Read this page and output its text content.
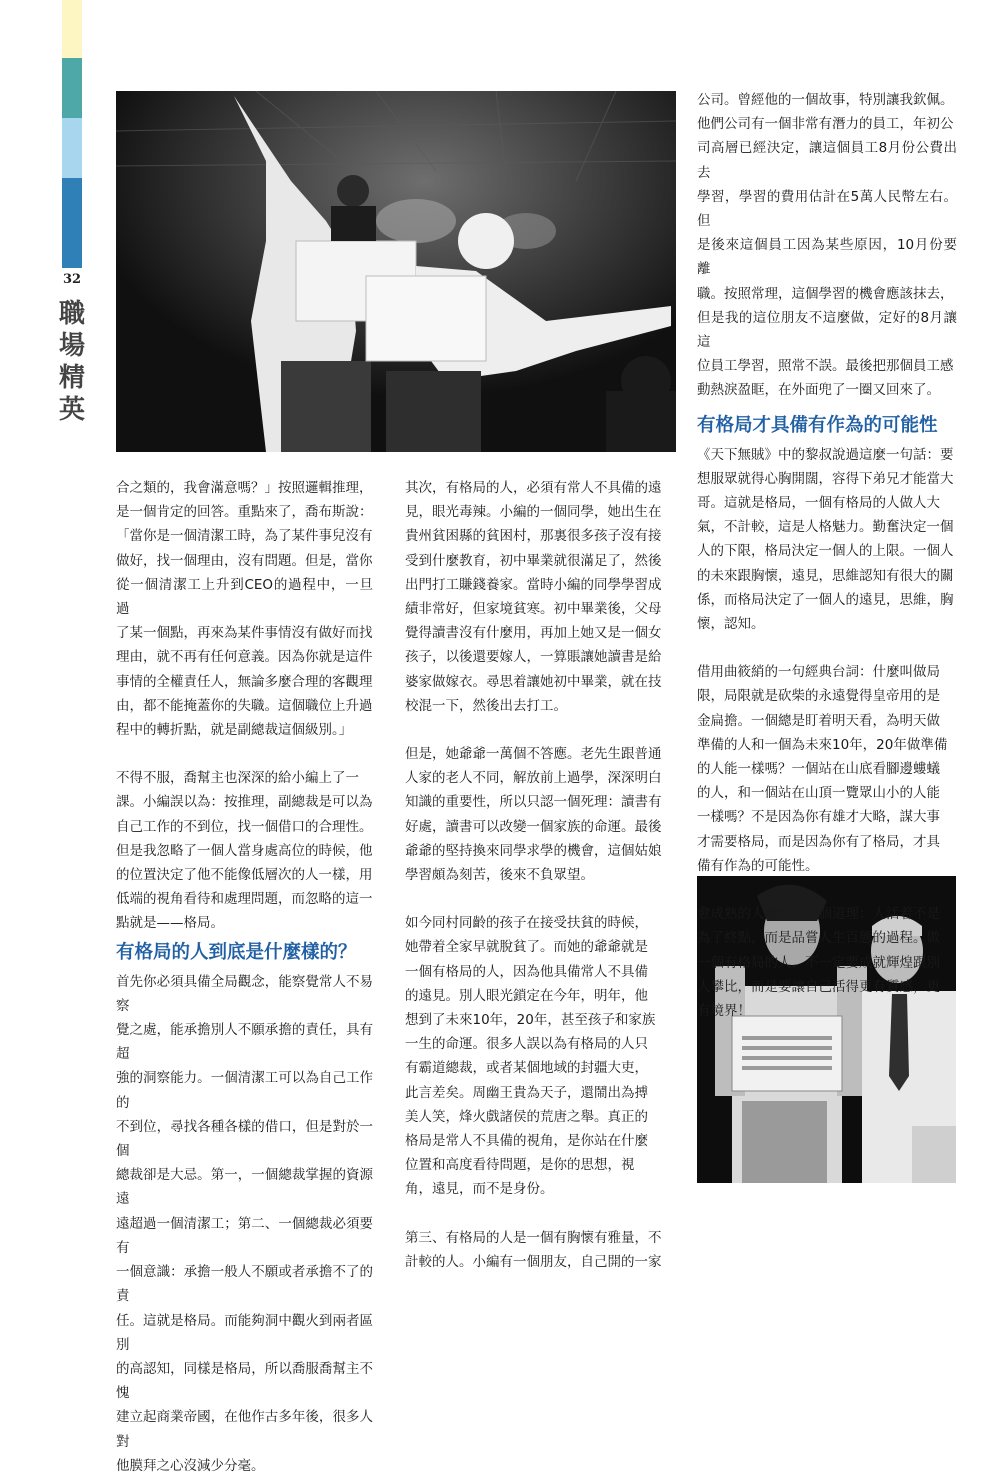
32
職場精英

合之類的，我會滿意嗎？」按照邏輯推理，
是一個肯定的回答。重點來了，喬布斯說：
「當你是一個清潔工時，為了某件事兒沒有
做好，找一個理由，沒有問題。但是，當你
從一個清潔工上升到CEO的過程中，一旦過
了某一個點，再來為某件事情沒有做好而找
理由，就不再有任何意義。因為你就是這件
事情的全權責任人，無論多麼合理的客觀理
由，都不能掩蓋你的失職。這個職位上升過
程中的轉折點，就是副總裁這個級別。」

不得不服，喬幫主也深深的給小編上了一
課。小編誤以為：按推理，副總裁是可以為
自己工作的不到位，找一個借口的合理性。
但是我忽略了一個人當身處高位的時候，他
的位置決定了他不能像低層次的人一樣，用
低端的視角看待和處理問題，而忽略的這一
點就是——格局。

有格局的人到底是什麼樣的？

首先你必須具備全局觀念，能察覺常人不易察
覺之處，能承擔別人不願承擔的責任，具有超
強的洞察能力。一個清潔工可以為自己工作的
不到位，尋找各種各樣的借口，但是對於一個
總裁卻是大忌。第一，一個總裁掌握的資源遠
遠超過一個清潔工；第二、一個總裁必須要有
一個意識：承擔一般人不願或者承擔不了的責
任。這就是格局。而能夠洞中觀火到兩者區別
的高認知，同樣是格局，所以喬服喬幫主不愧
建立起商業帝國，在他作古多年後，很多人對
他膜拜之心沒減少分毫。

其次，有格局的人，必須有常人不具備的遠
見，眼光毒辣。小編的一個同學，她出生在
貴州貧困縣的貧困村，那裏很多孩子沒有接
受到什麼教育，初中畢業就很滿足了，然後
出門打工賺錢養家。當時小編的同學學習成
績非常好，但家境貧寒。初中畢業後，父母
覺得讀書沒有什麼用，再加上她又是一個女
孩子，以後還要嫁人，一算賬讓她讀書是給
婆家做嫁衣。尋思着讓她初中畢業，就在技
校混一下，然後出去打工。

但是，她爺爺一萬個不答應。老先生跟普通
人家的老人不同，解放前上過學，深深明白
知識的重要性，所以只認一個死理：讀書有
好處，讀書可以改變一個家族的命運。最後
爺爺的堅持換來同學求學的機會，這個姑娘
學習頗為刻苦，後來不負眾望。

如今同村同齡的孩子在接受扶貧的時候，
她帶着全家早就脫貧了。而她的爺爺就是
一個有格局的人，因為他具備常人不具備
的遠見。別人眼光鎖定在今年，明年，他
想到了未來10年，20年，甚至孩子和家族
一生的命運。很多人誤以為有格局的人只
有霸道總裁，或者某個地域的封疆大吏，
此言差矣。周幽王貴為天子，還鬧出為搏
美人笑，烽火戲諸侯的荒唐之舉。真正的
格局是常人不具備的視角，是你站在什麼
位置和高度看待問題，是你的思想，視
角，遠見，而不是身份。

第三、有格局的人是一個有胸懷有雅量，不
計較的人。小編有一個朋友，自己開的一家

公司。曾經他的一個故事，特別讓我欽佩。
他們公司有一個非常有潛力的員工，年初公
司高層已經決定，讓這個員工8月份公費出去
學習，學習的費用估計在5萬人民幣左右。但
是後來這個員工因為某些原因，10月份要離
職。按照常理，這個學習的機會應該抹去，
但是我的這位朋友不這麼做，定好的8月讓這
位員工學習，照常不誤。最後把那個員工感
動熱淚盈眶，在外面兜了一圈又回來了。

有格局才具備有作為的可能性

《天下無賊》中的黎叔說過這麼一句話：要
想服眾就得心胸開闊，容得下弟兄才能當大
哥。這就是格局，一個有格局的人做人大
氣，不計較，這是人格魅力。勤奮決定一個
人的下限，格局決定一個人的上限。一個人
的未來跟胸懷，遠見，思維認知有很大的關
係，而格局決定了一個人的遠見，思維，胸
懷，認知。

借用曲筱綃的一句經典台詞：什麼叫做局
限，局限就是砍柴的永遠覺得皇帝用的是
金扁擔。一個總是盯着明天看，為明天做
準備的人和一個為未來10年，20年做準備
的人能一樣嗎？一個站在山底看腳邊螻蟻
的人，和一個站在山頂一覽眾山小的人能
一樣嗎？不是因為你有雄才大略，謀大事
才需要格局，而是因為你有了格局，才具
備有作為的可能性。

愈成熟的人愈明白一個道理：人活着不是
為了終點，而是品嘗人生百態的過程。做
一個有格局的人，不一定要成就輝煌跟別
人攀比，而是要讓自己活得更有質感，更
有境界！
